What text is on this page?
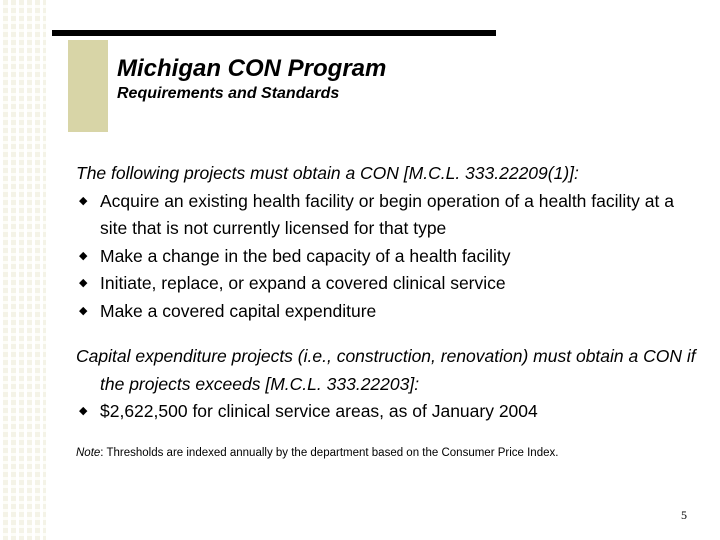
Michigan CON Program
Requirements and Standards

The following projects must obtain a CON [M.C.L. 333.22209(1)]:

◆ Acquire an existing health facility or begin operation of a health facility at a site that is not currently licensed for that type
◆ Make a change in the bed capacity of a health facility
◆ Initiate, replace, or expand a covered clinical service
◆ Make a covered capital expenditure

Capital expenditure projects (i.e., construction, renovation) must obtain a CON if the projects exceeds [M.C.L. 333.22203]:

◆ $2,622,500 for clinical service areas, as of January 2004

Note: Thresholds are indexed annually by the department based on the Consumer Price Index.

5
